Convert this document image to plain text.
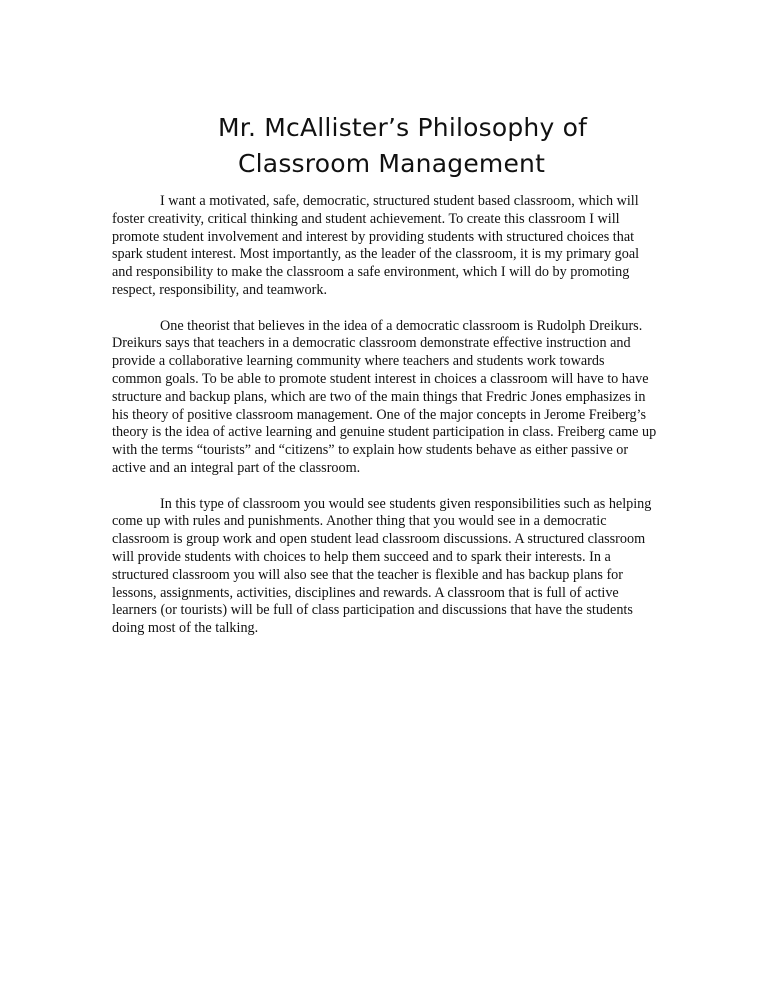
Mr. McAllister’s Philosophy of
Classroom Management

I want a motivated, safe, democratic, structured student based classroom, which will foster creativity, critical thinking and student achievement. To create this classroom I will promote student involvement and interest by providing students with structured choices that spark student interest. Most importantly, as the leader of the classroom, it is my primary goal and responsibility to make the classroom a safe environment, which I will do by promoting respect, responsibility, and teamwork.

One theorist that believes in the idea of a democratic classroom is Rudolph Dreikurs. Dreikurs says that teachers in a democratic classroom demonstrate effective instruction and provide a collaborative learning community where teachers and students work towards common goals. To be able to promote student interest in choices a classroom will have to have structure and backup plans, which are two of the main things that Fredric Jones emphasizes in his theory of positive classroom management. One of the major concepts in Jerome Freiberg’s theory is the idea of active learning and genuine student participation in class. Freiberg came up with the terms “tourists” and “citizens” to explain how students behave as either passive or active and an integral part of the classroom.

In this type of classroom you would see students given responsibilities such as helping come up with rules and punishments. Another thing that you would see in a democratic classroom is group work and open student lead classroom discussions. A structured classroom will provide students with choices to help them succeed and to spark their interests. In a structured classroom you will also see that the teacher is flexible and has backup plans for lessons, assignments, activities, disciplines and rewards. A classroom that is full of active learners (or tourists) will be full of class participation and discussions that have the students doing most of the talking.
